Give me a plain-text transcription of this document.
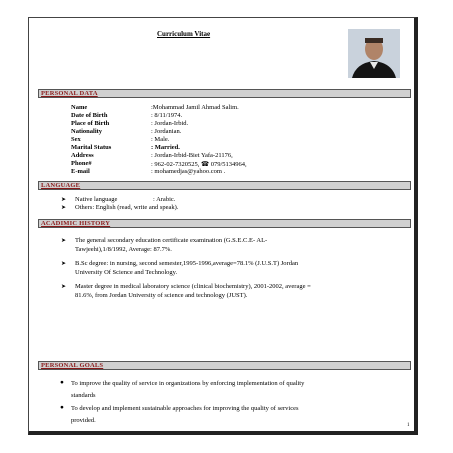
Curriculum Vitae
PERSONAL DATA
Name	:Mohammad Jamil Ahmad Salim.
Date of Birth	: 8/11/1974.
Place of Birth	: Jordan-Irbid.
Nationality	: Jordanian.
Sex	: Male.
Marital Status	: Married.
Address	: Jordan-Irbid-Biet Yafa-21176,
Phone#	: 962-02-7320525, ☎ 079/5134964,
E-mail	: mohamedjas@yahoo.com .
LANGUAGE
➤ Native language	: Arabic.
➤ Others: English (read, write and speak).
ACADIMIC HISTORY
➤ The general secondary education certificate examination (G.S.E.C.E- AL-
Tawjeehi),1/8/1992, Average: 87.7%.
➤ B.Sc degree: in nursing, second semester,1995-1996,average=78.1% (J.U.S.T) Jordan
University Of Science and Technology.
➤ Master degree in medical laboratory science (clinical biochemistry), 2001-2002, average =
81.6%, from Jordan University of science and technology (JUST).
PERSONAL GOALS
● To improve the quality of service in organizations by enforcing implementation of quality
standards
● To develop and implement sustainable approaches for improving the quality of services
provided.
1
